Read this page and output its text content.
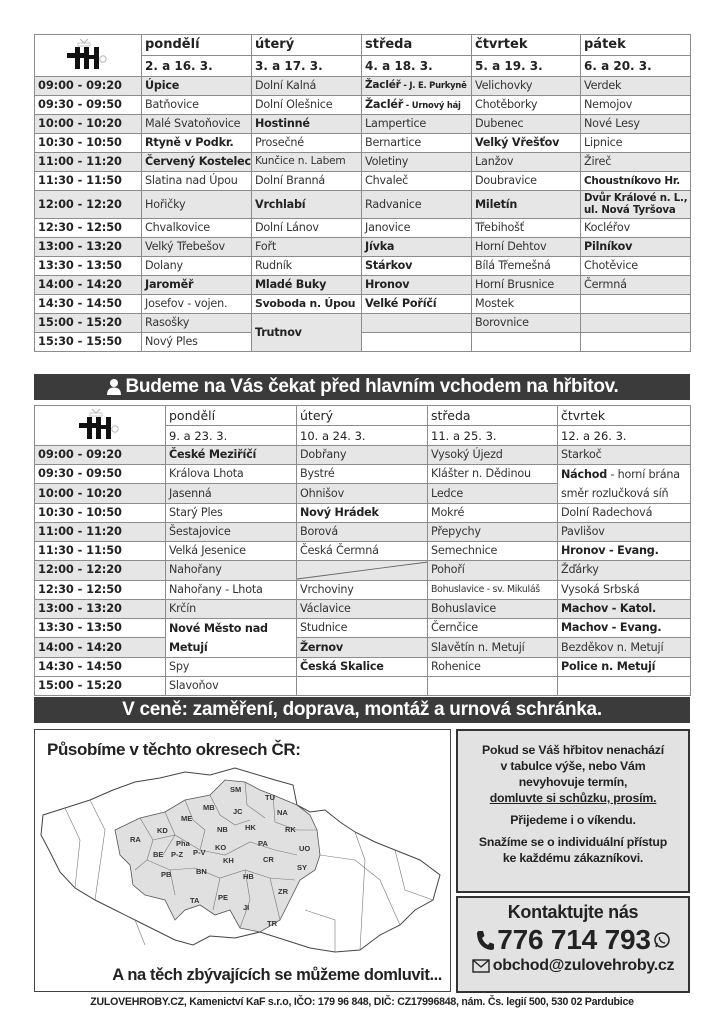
	pondělí	úterý	středa	čtvrtek	pátek
	2. a 16. 3.	3. a 17. 3.	4. a 18. 3.	5. a 19. 3.	6. a 20. 3.
09:00 - 09:20	Úpice	Dolní Kalná	Žacléř - J. E. Purkyně	Velichovky	Verdek
09:30 - 09:50	Batňovice	Dolní Olešnice	Žacléř - Urnový háj	Chotěborky	Nemojov
10:00 - 10:20	Malé Svatoňovice	Hostinné	Lampertice	Dubenec	Nové Lesy
10:30 - 10:50	Rtyně v Podkr.	Prosečné	Bernartice	Velký Vřešťov	Lipnice
11:00 - 11:20	Červený Kostelec	Kunčice n. Labem	Voletiny	Lanžov	Žireč
11:30 - 11:50	Slatina nad Úpou	Dolní Branná	Chvaleč	Doubravice	Choustníkovo Hr.
12:00 - 12:20	Hořičky	Vrchlabí	Radvanice	Miletín	Dvůr Králové n. L.,
ul. Nová Tyršova

12:30 - 12:50	Chvalkovice	Dolní Lánov	Janovice	Třebihošť	Kocléřov
13:00 - 13:20	Velký Třebešov	Fořt	Jívka	Horní Dehtov	Pilníkov
13:30 - 13:50	Dolany	Rudník	Stárkov	Bílá Třemešná	Chotěvice
14:00 - 14:20	Jaroměř	Mladé Buky	Hronov	Horní Brusnice	Čermná
14:30 - 14:50	Josefov - vojen.	Svoboda n. Úpou	Velké Poříčí	Mostek	
15:00 - 15:20	Rasošky	Trutnov		Borovnice	
15:30 - 15:50	Nový Ples				
Budeme na Vás čekat před hlavním vchodem na hřbitov.
	pondělí	úterý	středa	čtvrtek
	9. a 23. 3.	10. a 24. 3.	11. a 25. 3.	12. a 26. 3.
09:00 - 09:20	České Meziříčí	Dobřany	Vysoký Újezd	Starkoč
09:30 - 09:50	Králova Lhota	Bystré	Klášter n. Dědinou	Náchod - horní brána
směr rozlučková síň

10:00 - 10:20	Jasenná	Ohnišov	Ledce	
10:30 - 10:50	Starý Ples	Nový Hrádek	Mokré	Dolní Radechová
11:00 - 11:20	Šestajovice	Borová	Přepychy	Pavlišov
11:30 - 11:50	Velká Jesenice	Česká Čermná	Semechnice	Hronov - Evang.
12:00 - 12:20	Nahořany		Pohoří	Žďárky
12:30 - 12:50	Nahořany - Lhota	Vrchoviny	Bohuslavice - sv. Mikuláš	Vysoká Srbská
13:00 - 13:20	Krčín	Václavice	Bohuslavice	Machov - Katol.
13:30 - 13:50	Nové Město nad
Metují	Studnice	Černčice	Machov - Evang.
14:00 - 14:20		Žernov	Slavětín n. Metují	Bezděkov n. Metují
14:30 - 14:50	Spy	Česká Skalice	Rohenice	Police n. Metují
15:00 - 15:20	Slavoňov			
V ceně: zaměření, doprava, montáž a urnová schránka.
Působíme v těchto okresech ČR:
SM
TU
MB JC	NA
ME
NB HK	RK
KD
RA	Pha	PA
KO	UO
BE P-Z P-V
KH	CR
SY
PB	BN
HB
ZR
TA PE
JI
TR
A na těch zbývajících se můžeme domluvit...

Pokud se Váš hřbitov nenachází

v tabulce výše, nebo Vám

nevyhovuje termín,

domluvte si schůzku, prosím.

Přijedeme i o víkendu.

Snažíme se o individuální přístup

ke každému zákazníkovi.

Kontaktujte nás
776 714 793
obchod@zulovehroby.cz
ZULOVEHROBY.CZ, Kamenictví KaF s.r.o, IČO: 179 96 848, DIČ: CZ17996848, nám. Čs. legií 500, 530 02 Pardubice
